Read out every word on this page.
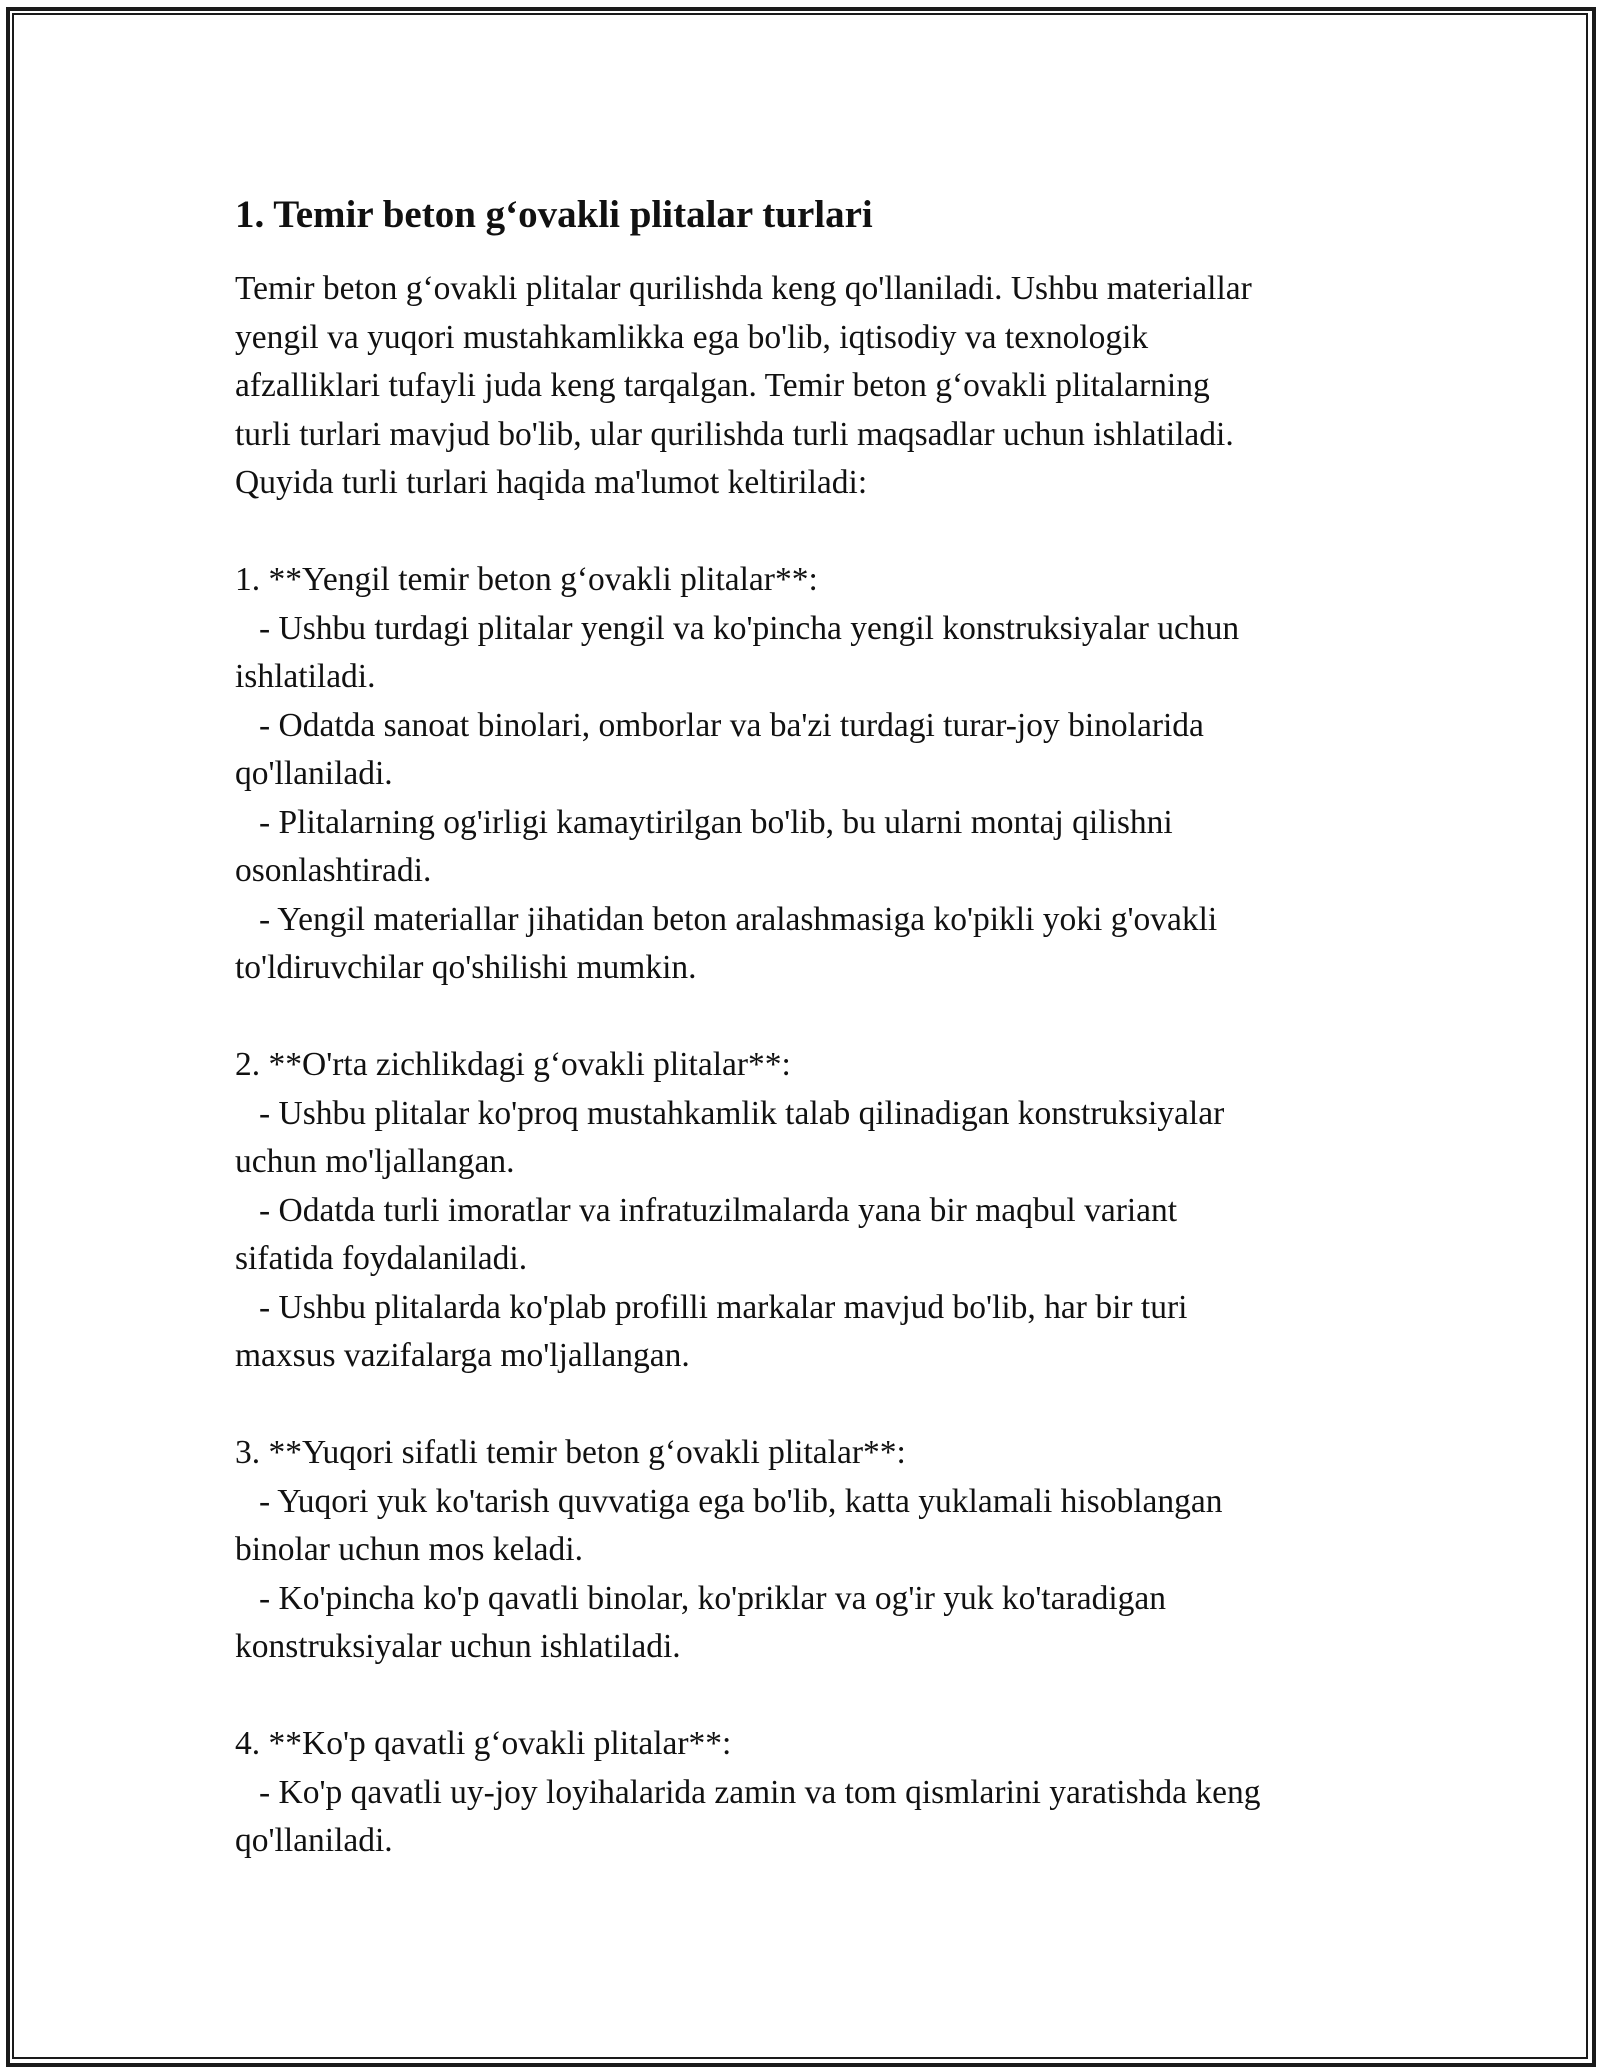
1. Temir beton g‘ovakli plitalar turlari
Temir beton g‘ovakli plitalar qurilishda keng qo'llaniladi. Ushbu materiallar
yengil va yuqori mustahkamlikka ega bo'lib, iqtisodiy va texnologik
afzalliklari tufayli juda keng tarqalgan. Temir beton g‘ovakli plitalarning
turli turlari mavjud bo'lib, ular qurilishda turli maqsadlar uchun ishlatiladi.
Quyida turli turlari haqida ma'lumot keltiriladi:
1. **Yengil temir beton g‘ovakli plitalar**:
- Ushbu turdagi plitalar yengil va ko'pincha yengil konstruksiyalar uchun
ishlatiladi.
- Odatda sanoat binolari, omborlar va ba'zi turdagi turar-joy binolarida
qo'llaniladi.
- Plitalarning og'irligi kamaytirilgan bo'lib, bu ularni montaj qilishni
osonlashtiradi.
- Yengil materiallar jihatidan beton aralashmasiga ko'pikli yoki g'ovakli
to'ldiruvchilar qo'shilishi mumkin.
2. **O'rta zichlikdagi g‘ovakli plitalar**:
- Ushbu plitalar ko'proq mustahkamlik talab qilinadigan konstruksiyalar
uchun mo'ljallangan.
- Odatda turli imoratlar va infratuzilmalarda yana bir maqbul variant
sifatida foydalaniladi.
- Ushbu plitalarda ko'plab profilli markalar mavjud bo'lib, har bir turi
maxsus vazifalarga mo'ljallangan.
3. **Yuqori sifatli temir beton g‘ovakli plitalar**:
- Yuqori yuk ko'tarish quvvatiga ega bo'lib, katta yuklamali hisoblangan
binolar uchun mos keladi.
- Ko'pincha ko'p qavatli binolar, ko'priklar va og'ir yuk ko'taradigan
konstruksiyalar uchun ishlatiladi.
4. **Ko'p qavatli g‘ovakli plitalar**:
- Ko'p qavatli uy-joy loyihalarida zamin va tom qismlarini yaratishda keng
qo'llaniladi.
